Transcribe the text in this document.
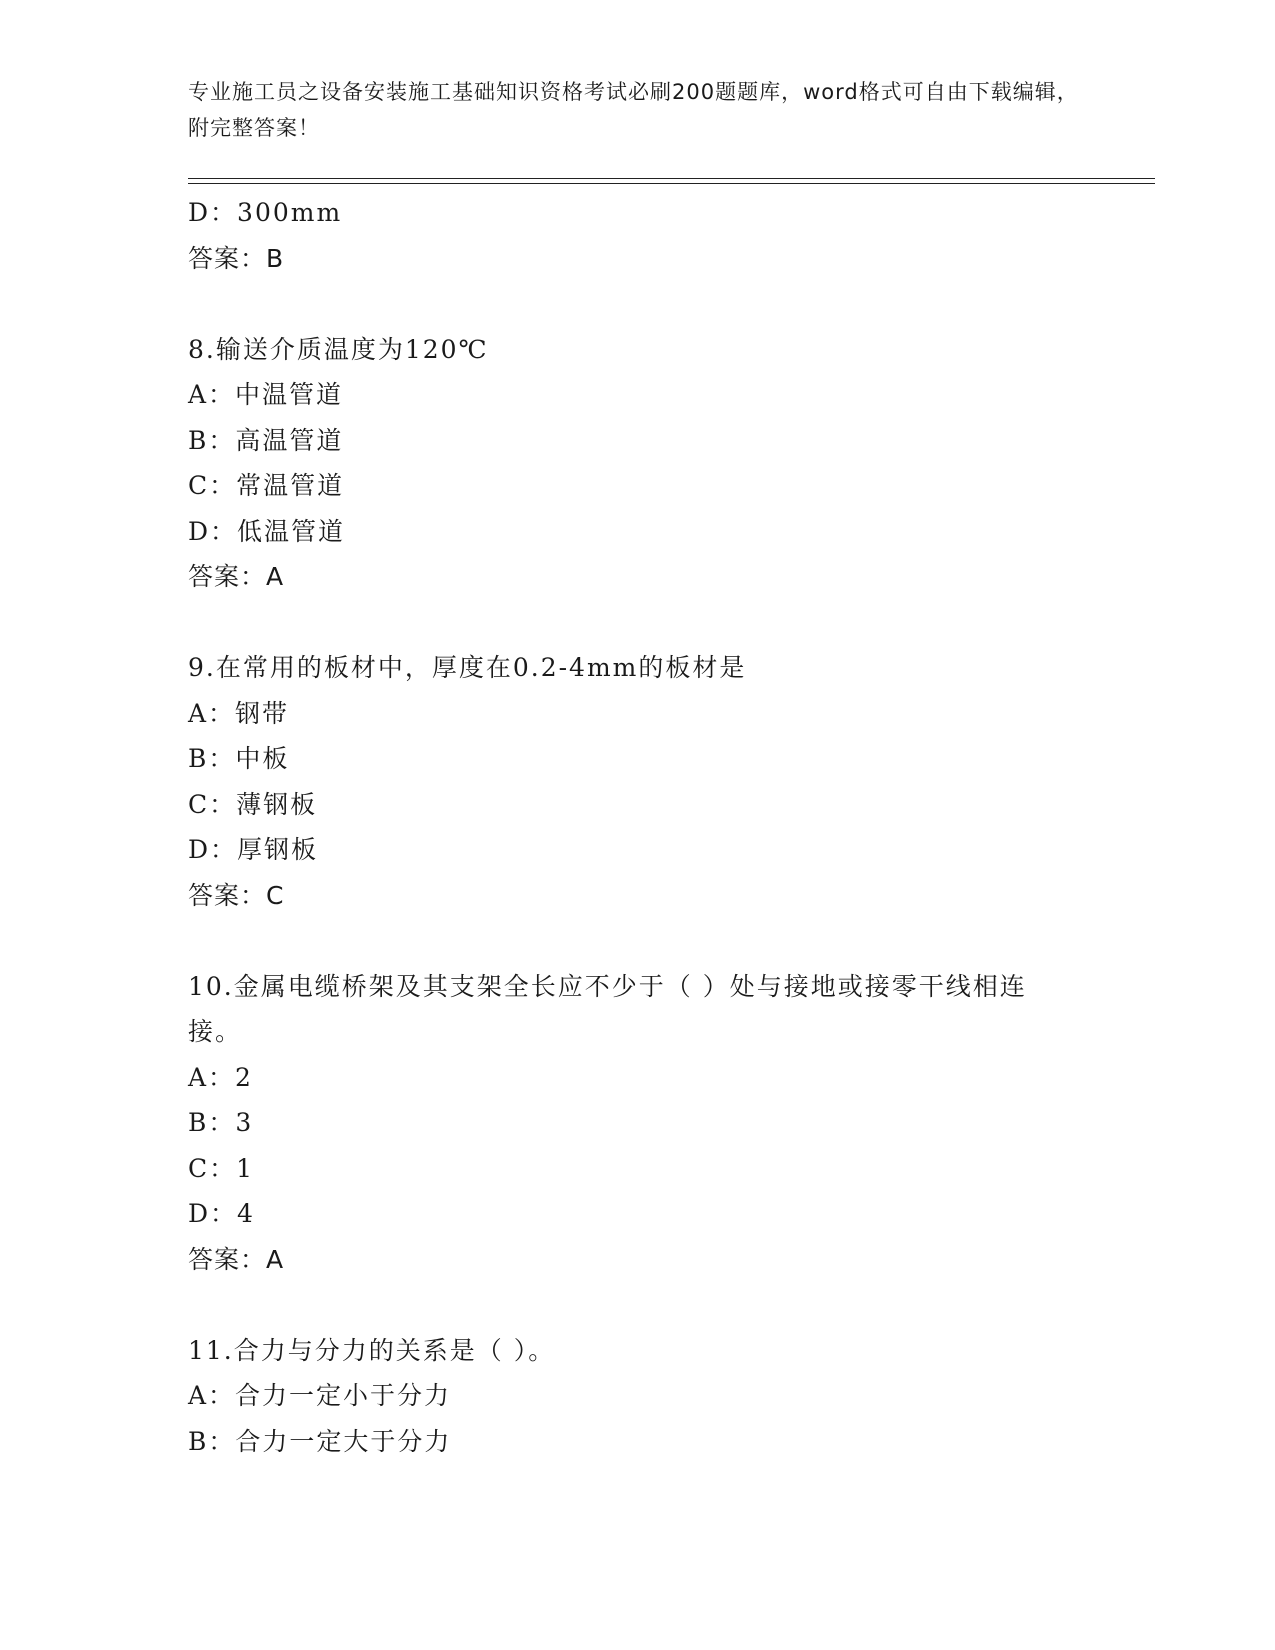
专业施工员之设备安装施工基础知识资格考试必刷200题题库，word格式可自由下载编辑，附完整答案！
D：300mm
答案：B
8.输送介质温度为120℃
A：中温管道
B：高温管道
C：常温管道
D：低温管道
答案：A
9.在常用的板材中，厚度在0.2-4mm的板材是
A：钢带
B：中板
C：薄钢板
D：厚钢板
答案：C
10.金属电缆桥架及其支架全长应不少于（ ）处与接地或接零干线相连接。
A：2
B：3
C：1
D：4
答案：A
11.合力与分力的关系是（ ）。
A：合力一定小于分力
B：合力一定大于分力
